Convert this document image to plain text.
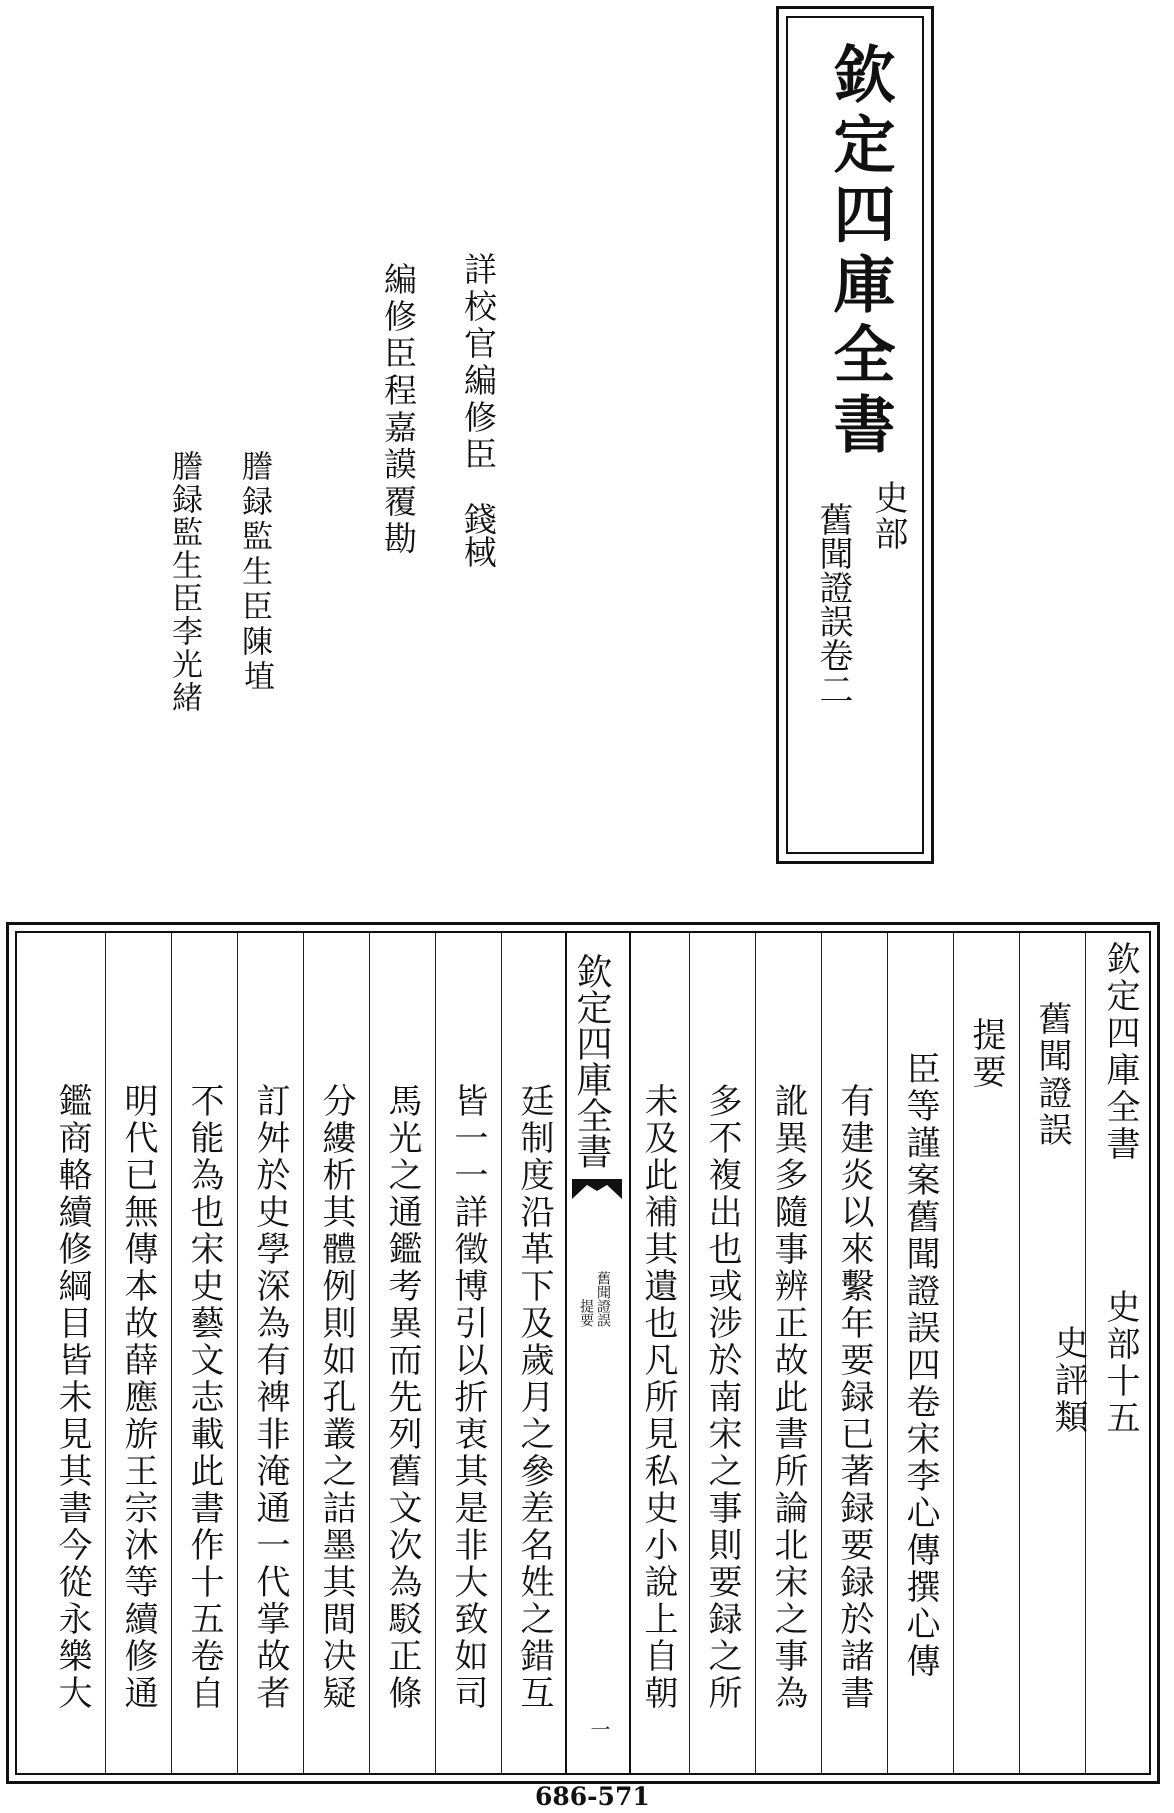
欽定四庫全書
史部
舊聞證誤卷二
詳校官編修臣
錢棫
編修臣程嘉謨覆勘
謄録監生臣陳
埴
謄録監生臣李光緒
欽定四庫全書
史部十五
舊聞證誤
史評類
提要
臣等謹案舊聞證誤四卷宋李心傳撰心傳
有建炎以來繫年要録已著録要録於諸書
訛異多隨事辨正故此書所論北宋之事為
多不複出也或涉於南宋之事則要録之所
未及此補其遺也凡所見私史小說上自朝
欽定四庫全書
舊聞證誤
提要
一
廷制度沿革下及歲月之參差名姓之錯互
皆一一詳徵博引以折衷其是非大致如司
馬光之通鑑考異而先列舊文次為駁正條
分縷析其體例則如孔叢之詰墨其間决疑
訂舛於史學深為有裨非淹通一代掌故者
不能為也宋史藝文志載此書作十五卷自
明代已無傳本故薛應旂王宗沐等續修通
鑑商輅續修綱目皆未見其書今從永樂大
686-571
